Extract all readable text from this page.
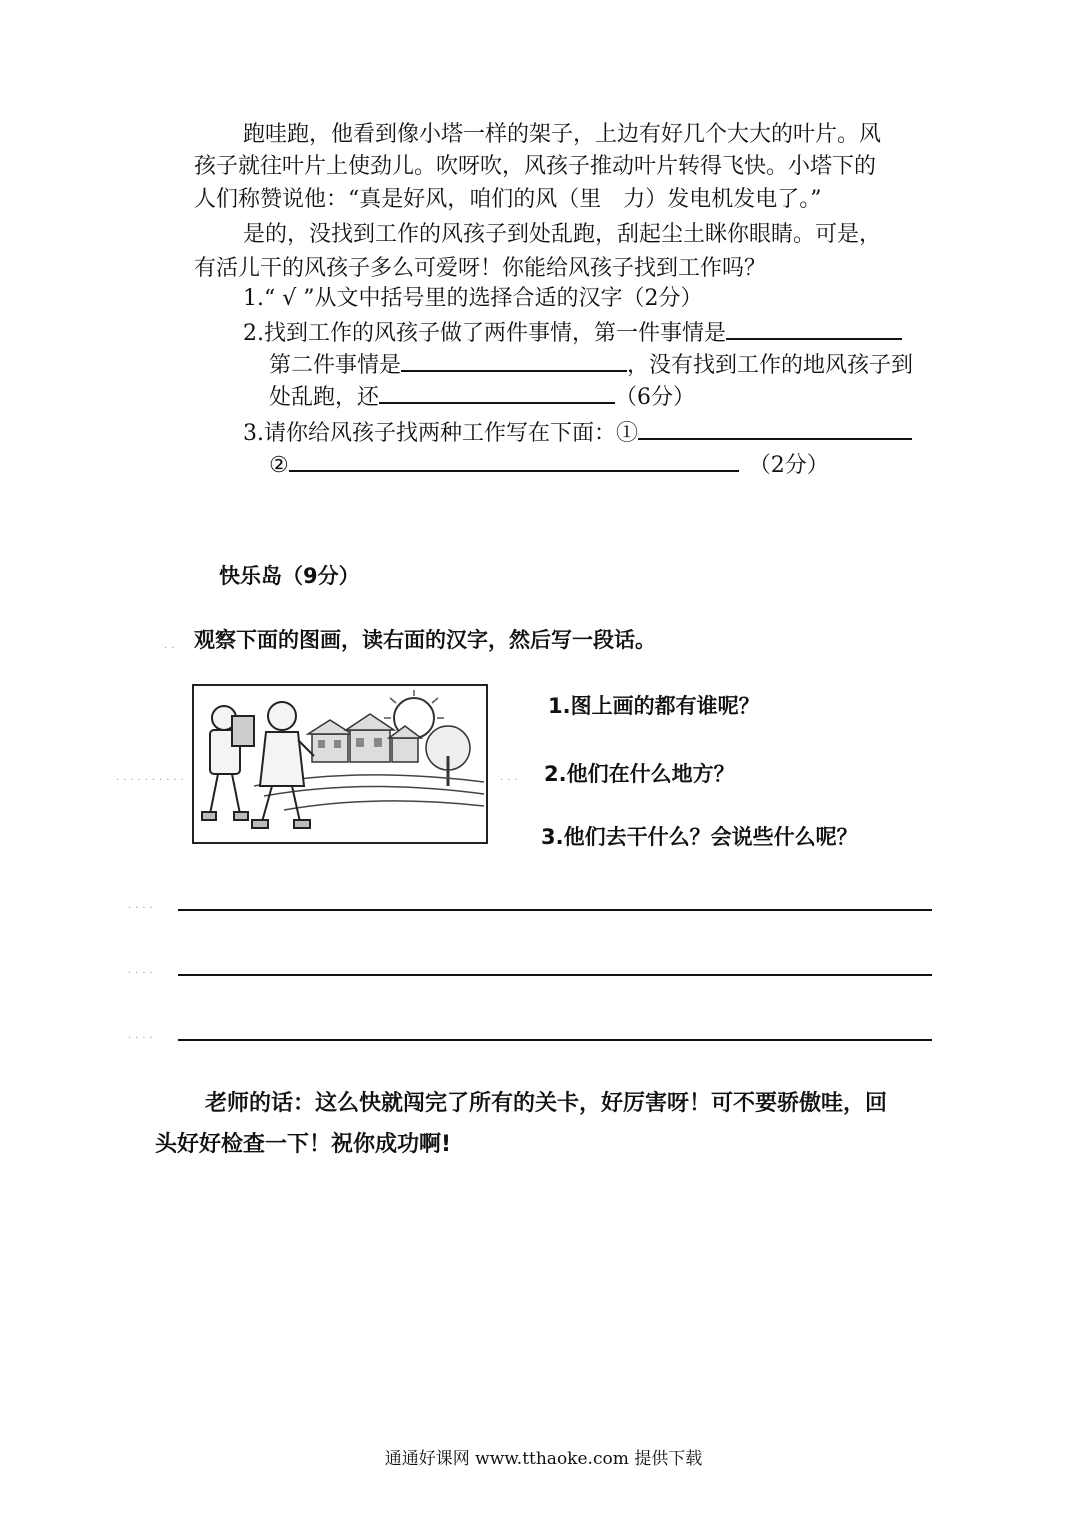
跑哇跑，他看到像小塔一样的架子，上边有好几个大大的叶片。风
孩子就往叶片上使劲儿。吹呀吹，风孩子推动叶片转得飞快。小塔下的
人们称赞说他：“真是好风，咱们的风（里　力）发电机发电了。”
是的，没找到工作的风孩子到处乱跑，刮起尘土眯你眼睛。可是，
有活儿干的风孩子多么可爱呀！你能给风孩子找到工作吗？
1.“ √ ”从文中括号里的选择合适的汉字（2分）
2.找到工作的风孩子做了两件事情，第一件事情是
第二件事情是	，没有找到工作的地风孩子到
处乱跑，还	（6分）
3.请你给风孩子找两种工作写在下面：①
②	（2分）
快乐岛（9分）
.. 观察下面的图画，读右面的汉字，然后写一段话。
1.图上画的都有谁呢？
..........	... 2.他们在什么地方？
3.他们去干什么？会说些什么呢？
....
....
....
老师的话：这么快就闯完了所有的关卡，好厉害呀！可不要骄傲哇，回
头好好检查一下！祝你成功啊!
通通好课网 www.tthaoke.com 提供下载
